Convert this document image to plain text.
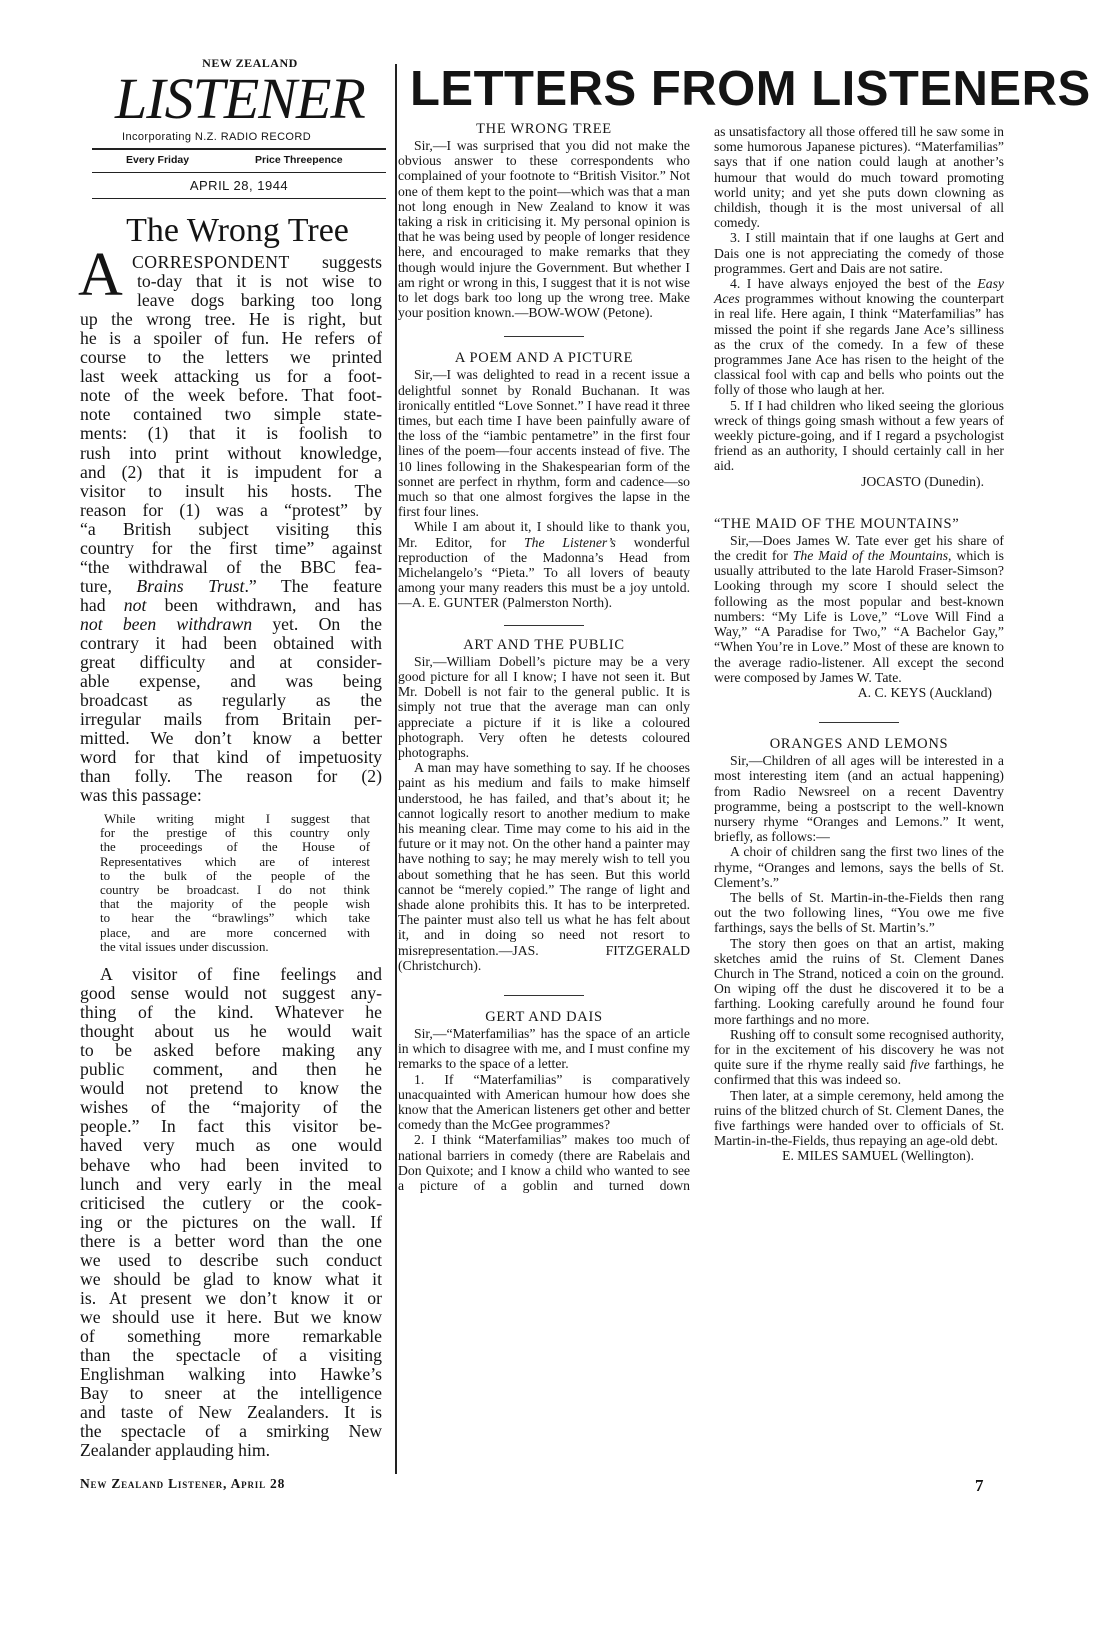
NEW ZEALAND
LISTENER
Incorporating N.Z. RADIO RECORD
Every Friday	Price Threepence
APRIL 28, 1944
LETTERS FROM LISTENERS
The Wrong Tree
A CORRESPONDENT suggests
to-day that it is not wise to
leave dogs barking too long
up the wrong tree. He is right, but
he is a spoiler of fun. He refers of
course to the letters we printed
last week attacking us for a foot-
note of the week before. That foot-
note contained two simple state-
ments: (1) that it is foolish to
rush into print without knowledge,
and (2) that it is impudent for a
visitor to insult his hosts. The
reason for (1) was a “protest” by
“a British subject visiting this
country for the first time” against
“the withdrawal of the BBC fea-
ture, Brains Trust.” The feature
had not been withdrawn, and has
not been withdrawn yet. On the
contrary it had been obtained with
great difficulty and at consider-
able expense, and was being
broadcast as regularly as the
irregular mails from Britain per-
mitted. We don’t know a better
word for that kind of impetuosity
than folly. The reason for (2)
was this passage:
While writing might I suggest that
for the prestige of this country only
the proceedings of the House of
Representatives which are of interest
to the bulk of the people of the
country be broadcast. I do not think
that the majority of the people wish
to hear the “brawlings” which take
place, and are more concerned with
the vital issues under discussion.
A visitor of fine feelings and
good sense would not suggest any-
thing of the kind. Whatever he
thought about us he would wait
to be asked before making any
public comment, and then he
would not pretend to know the
wishes of the “majority of the
people.” In fact this visitor be-
haved very much as one would
behave who had been invited to
lunch and very early in the meal
criticised the cutlery or the cook-
ing or the pictures on the wall. If
there is a better word than the one
we used to describe such conduct
we should be glad to know what it
is. At present we don’t know it or
we should use it here. But we know
of something more remarkable
than the spectacle of a visiting
Englishman walking into Hawke’s
Bay to sneer at the intelligence
and taste of New Zealanders. It is
the spectacle of a smirking New
Zealander applauding him.
THE WRONG TREE

Sir,—I was surprised that you did not make the obvious answer to these correspondents who complained of your footnote to “British Visitor.” Not one of them kept to the point—which was that a man not long enough in New Zealand to know it was taking a risk in criticising it. My personal opinion is that he was being used by people of longer residence here, and encouraged to make remarks that they though would injure the Government. But whether I am right or wrong in this, I suggest that it is not wise to let dogs bark too long up the wrong tree. Make your position known.—BOW-WOW (Petone).

A POEM AND A PICTURE

Sir,—I was delighted to read in a recent issue a delightful sonnet by Ronald Buchanan. It was ironically entitled “Love Sonnet.” I have read it three times, but each time I have been painfully aware of the loss of the “iambic pentametre” in the first four lines of the poem—four accents instead of five. The 10 lines following in the Shakespearian form of the sonnet are perfect in rhythm, form and cadence—so much so that one almost forgives the lapse in the first four lines.

While I am about it, I should like to thank you, Mr. Editor, for The Listener’s wonderful reproduction of the Madonna’s Head from Michelangelo’s “Pieta.” To all lovers of beauty among your many readers this must be a joy untold.—A. E. GUNTER (Palmerston North).

ART AND THE PUBLIC

Sir,—William Dobell’s picture may be a very good picture for all I know; I have not seen it. But Mr. Dobell is not fair to the general public. It is simply not true that the average man can only appreciate a picture if it is like a coloured photograph. Very often he detests coloured photographs.

A man may have something to say. If he chooses paint as his medium and fails to make himself understood, he has failed, and that’s about it; he cannot logically resort to another medium to make his meaning clear. Time may come to his aid in the future or it may not. On the other hand a painter may have nothing to say; he may merely wish to tell you about something that he has seen. But this world cannot be “merely copied.” The range of light and shade alone prohibits this. It has to be interpreted. The painter must also tell us what he has felt about it, and in doing so need not resort to misrepresentation.—JAS. FITZGERALD (Christchurch).

GERT AND DAIS

Sir,—“Materfamilias” has the space of an article in which to disagree with me, and I must confine my remarks to the space of a letter.

1. If “Materfamilias” is comparatively unacquainted with American humour how does she know that the American listeners get other and better comedy than the McGee programmes?

2. I think “Materfamilias” makes too much of national barriers in comedy (there are Rabelais and Don Quixote; and I know a child who wanted to see a picture of a goblin and turned down

as unsatisfactory all those offered till he saw some in some humorous Japanese pictures). “Materfamilias” says that if one nation could laugh at another’s humour that would do much toward promoting world unity; and yet she puts down clowning as childish, though it is the most universal of all comedy.

3. I still maintain that if one laughs at Gert and Dais one is not appreciating the comedy of those programmes. Gert and Dais are not satire.

4. I have always enjoyed the best of the Easy Aces programmes without knowing the counterpart in real life. Here again, I think “Materfamilias” has missed the point if she regards Jane Ace’s silliness as the crux of the comedy. In a few of these programmes Jane Ace has risen to the height of the classical fool with cap and bells who points out the folly of those who laugh at her.

5. If I had children who liked seeing the glorious wreck of things going smash without a few years of weekly picture-going, and if I regard a psychologist friend as an authority, I should certainly call in her aid.

JOCASTO (Dunedin).

“THE MAID OF THE MOUNTAINS”

Sir,—Does James W. Tate ever get his share of the credit for The Maid of the Mountains, which is usually attributed to the late Harold Fraser-Simson? Looking through my score I should select the following as the most popular and best-known numbers: “My Life is Love,” “Love Will Find a Way,” “A Paradise for Two,” “A Bachelor Gay,” “When You’re in Love.” Most of these are known to the average radio-listener. All except the second were composed by James W. Tate.

A. C. KEYS (Auckland)

ORANGES AND LEMONS

Sir,—Children of all ages will be interested in a most interesting item (and an actual happening) from Radio Newsreel on a recent Daventry programme, being a postscript to the well-known nursery rhyme “Oranges and Lemons.” It went, briefly, as follows:—

A choir of children sang the first two lines of the rhyme, “Oranges and lemons, says the bells of St. Clement’s.”

The bells of St. Martin-in-the-Fields then rang out the two following lines, “You owe me five farthings, says the bells of St. Martin’s.”

The story then goes on that an artist, making sketches amid the ruins of St. Clement Danes Church in The Strand, noticed a coin on the ground. On wiping off the dust he discovered it to be a farthing. Looking carefully around he found four more farthings and no more.

Rushing off to consult some recognised authority, for in the excitement of his discovery he was not quite sure if the rhyme really said five farthings, he confirmed that this was indeed so.

Then later, at a simple ceremony, held among the ruins of the blitzed church of St. Clement Danes, the five farthings were handed over to officials of St. Martin-in-the-Fields, thus repaying an age-old debt.

E. MILES SAMUEL (Wellington).

New Zealand Listener, April 28	7
